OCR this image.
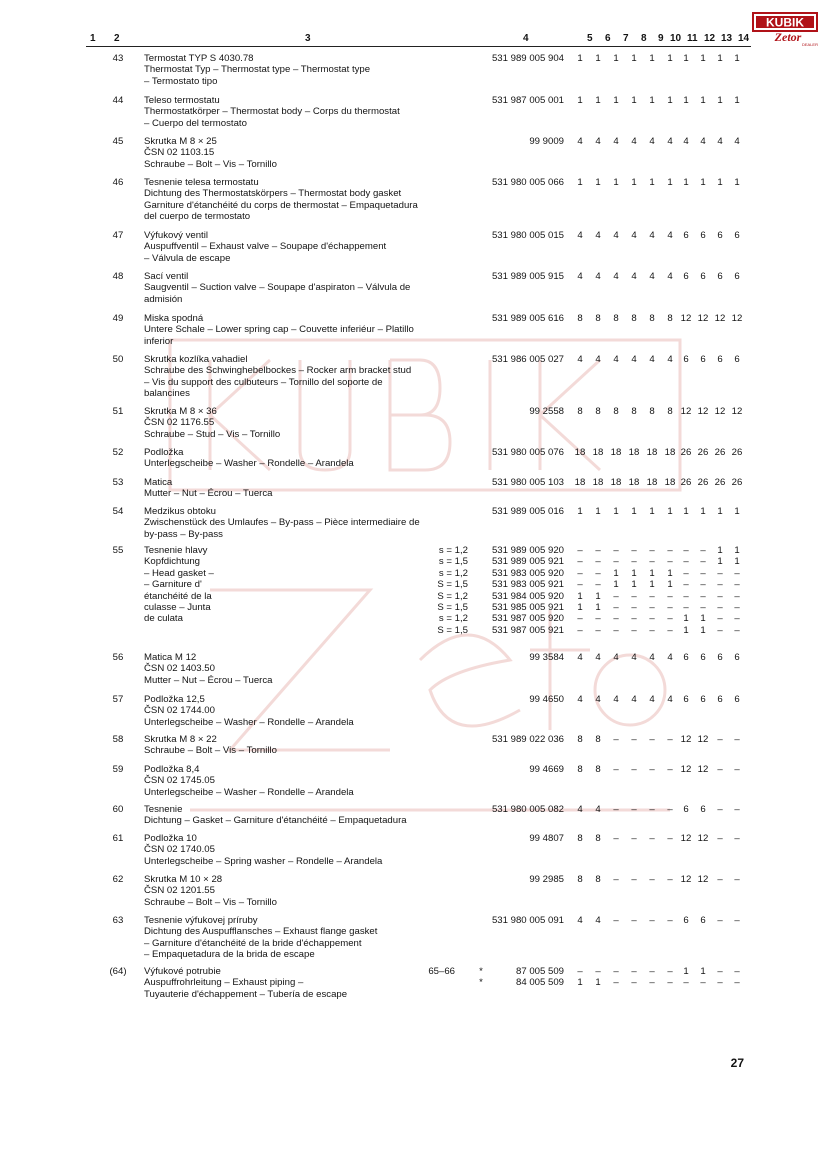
KUBIK
Zetor
DEALER
1 2	3	4	5 6 7 8 9 10 11 12 13 14
43	Termostat TYP S 4030.78
Thermostat Typ – Thermostat type – Thermostat type
– Termostato tipo
531 989 005 904	1	1	1	1	1	1	1	1	1	1
44	Teleso termostatu
Thermostatkörper – Thermostat body – Corps du thermostat
– Cuerpo del termostato
531 987 005 001	1	1	1	1	1	1	1	1	1	1
45	Skrutka M 8 × 25
ČSN 02 1103.15
Schraube – Bolt – Vis – Tornillo
99 9009	4	4	4	4	4	4	4	4	4	4
46	Tesnenie telesa termostatu
Dichtung des Thermostatskörpers – Thermostat body gasket
Garniture d'étanchéité du corps de thermostat – Empaquetadura
del cuerpo de termostato
531 980 005 066	1	1	1	1	1	1	1	1	1	1
47	Výfukový ventil
Auspuffventil – Exhaust valve – Soupape d'échappement
– Válvula de escape
531 980 005 015	4	4	4	4	4	4	6	6	6	6
48	Sací ventil
Saugventil – Suction valve – Soupape d'aspiraton – Válvula de
admisión
531 989 005 915	4	4	4	4	4	4	6	6	6	6
49	Miska spodná
Untere Schale – Lower spring cap – Couvette inferiéur – Platillo
inferior
531 989 005 616	8	8	8	8	8	8 12 12 12 12
50	Skrutka kozlíka vahadiel
Schraube des Schwinghebelbockes – Rocker arm bracket stud
– Vis du support des culbuteurs – Tornillo del soporte de
balancines
531 986 005 027	4	4	4	4	4	4	6	6	6	6
51	Skrutka M 8 × 36
ČSN 02 1176.55
Schraube – Stud – Vis – Tornillo
99 2558	8	8	8	8	8	8 12 12 12 12
52	Podložka
Unterlegscheibe – Washer – Rondelle – Arandela
531 980 005 076	18 18 18 18 18 18 26 26 26 26
53	Matica
Mutter – Nut – Écrou – Tuerca
531 980 005 103	18 18 18 18 18 18 26 26 26 26
54	Medzikus obtoku
Zwischenstück des Umlaufes – By-pass – Pièce intermediaire de
by-pass – By-pass
531 989 005 016	1	1	1	1	1	1	1	1	1	1
56	Matica M 12
ČSN 02 1403.50
Mutter – Nut – Écrou – Tuerca
99 3584	4	4	4	4	4	4	6	6	6	6
57	Podložka 12,5
ČSN 02 1744.00
Unterlegscheibe – Washer – Rondelle – Arandela
99 4650	4	4	4	4	4	4	6	6	6	6
58	Skrutka M 8 × 22
Schraube – Bolt – Vis – Tornillo
531 989 022 036	8	8	–	–	–	– 12 12 –	–
59	Podložka 8,4
ČSN 02 1745.05
Unterlegscheibe – Washer – Rondelle – Arandela
99 4669	8	8	–	–	–	– 12 12 –	–
60	Tesnenie
Dichtung – Gasket – Garniture d'étanchéité – Empaquetadura
531 980 005 082	4	4	–	–	–	–	6	6	–	–
61	Podložka 10
ČSN 02 1740.05
Unterlegscheibe – Spring washer – Rondelle – Arandela
99 4807	8	8	–	–	–	– 12 12 –	–
62	Skrutka M 10 × 28
ČSN 02 1201.55
Schraube – Bolt – Vis – Tornillo
99 2985	8	8	–	–	–	– 12 12 –	–
63	Tesnenie výfukovej príruby
Dichtung des Auspufflansches – Exhaust flange gasket
– Garniture d'étanchéité de la bride d'échappement
– Empaquetadura de la brida de escape
531 980 005 091	4	4	–	–	–	–	6	6	–	–
55	Tesnenie hlavy
Kopfdichtung
– Head gasket –
– Garniture d'
étanchéité de la
culasse – Junta
de culata
s = 1,2	531 989 005 920	–	–	–	–	–	–	–	–	1	1
s = 1,5	531 989 005 921	–	–	–	–	–	–	–	–	1	1
s = 1,2	531 983 005 920	–	–	1	1	1	1	–	–	–	–
S = 1,5	531 983 005 921	–	–	1	1	1	1	–	–	–	–
S = 1,2	531 984 005 920	1	1	–	–	–	–	–	–	–	–
S = 1,5	531 985 005 921	1	1	–	–	–	–	–	–	–	–
s = 1,2	531 987 005 920	–	–	–	–	–	–	1	1	–	–
S = 1,5	531 987 005 921	–	–	–	–	–	–	1	1	–	–
(64)	Výfukové potrubie
Auspuffrohrleitung – Exhaust piping –
Tuyauterie d'échappement – Tubería de escape
65–66	*	87 005 509	–	–	–	–	–	–	1	1	–	–
*	84 005 509	1	1	–	–	–	–	–	–	–	–
27
